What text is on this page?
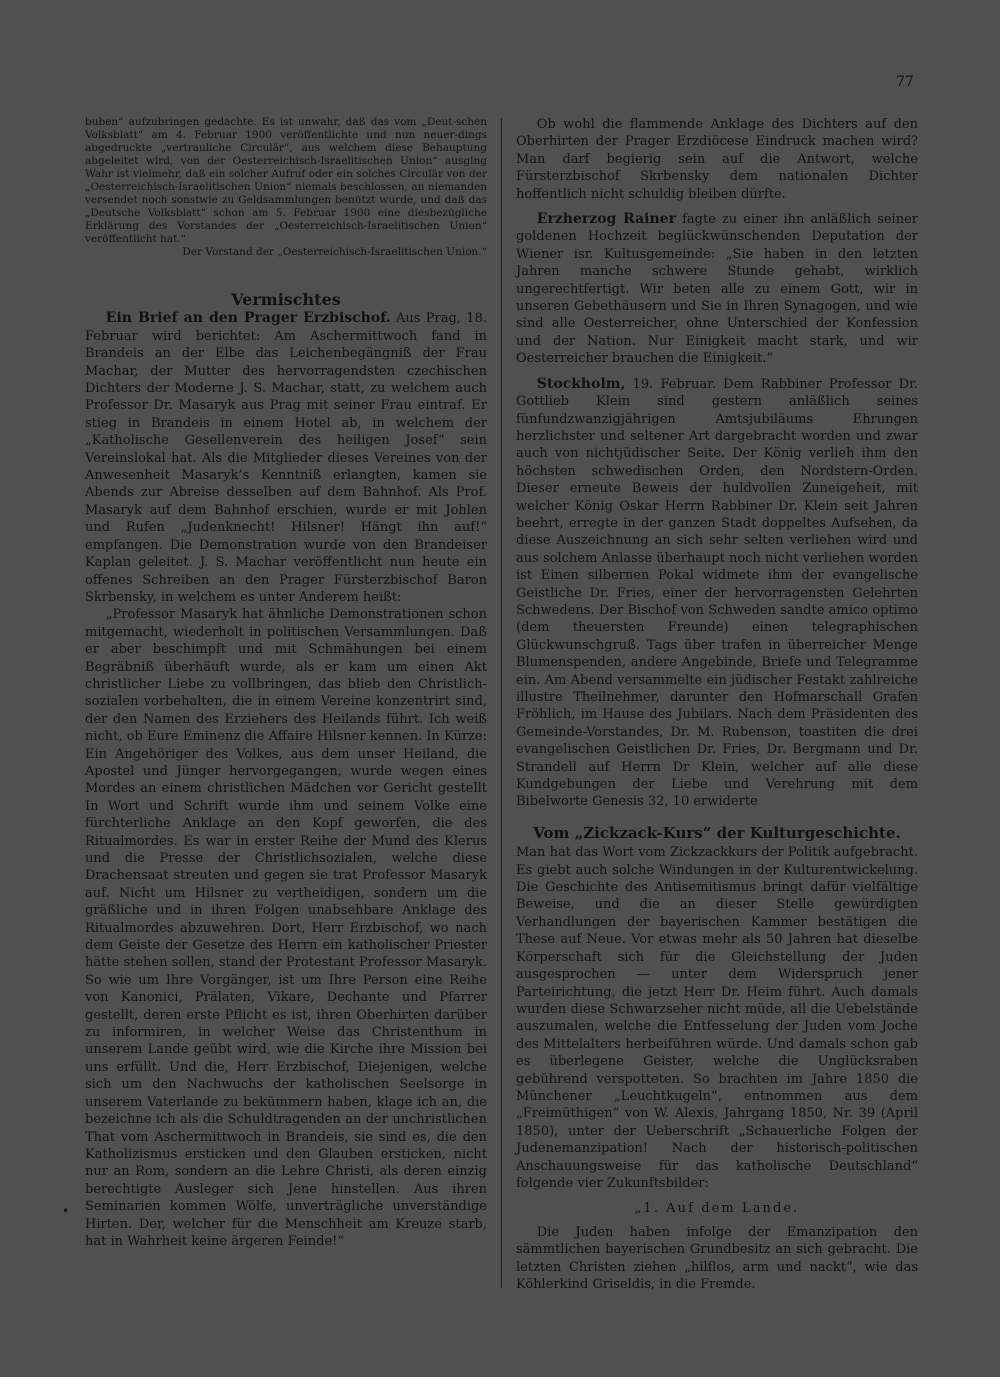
77

buben“ aufzubringen gedachte. Es ist unwahr, daß das vom „Deut-schen Volksblatt“ am 4. Februar 1900 veröffentlichte und nun neuer-dings abgedruckte „vertrauliche Circulär“, aus welchem diese Behauptung abgeleitet wird, von der Oesterreichisch-Israelitischen Union“ ausging Wahr ist vielmehr, daß ein solcher Aufruf oder ein solches Circulär von der „Oesterreichisch-Israelitischen Union“ niemals beschlossen, an niemanden versendet noch sonstwie zu Geldsammlungen benützt wurde, und daß das „Deutsche Volksblatt“ schon am 5. Februar 1900 eine diesbezügliche Erklärung des Vorstandes der „Oesterreichisch-Israelitischen Union“ veröffentlicht hat.“

Der Vorstand der „Oesterreichisch-Israelitischen Union.“

Vermischtes

Ein Brief an den Prager Erzbischof. Aus Prag, 18. Februar wird berichtet: Am Aschermittwoch fand in Brandeis an der Elbe das Leichenbegängniß der Frau Machar, der Mutter des hervorragendsten czechischen Dichters der Moderne J. S. Machar, statt, zu welchem auch Professor Dr. Masaryk aus Prag mit seiner Frau eintraf. Er stieg in Brandeis in einem Hotel ab, in welchem der „Katholische Gesellenverein des heiligen Josef“ sein Vereinslokal hat. Als die Mitglieder dieses Vereines von der Anwesenheit Masaryk’s Kenntniß erlangten, kamen sie Abends zur Abreise desselben auf dem Bahnhof. Als Prof. Masaryk auf dem Bahnhof erschien, wurde er mit Johlen und Rufen „Judenknecht! Hilsner! Hängt ihn auf!“ empfangen. Die Demonstration wurde von den Brandeiser Kaplan geleitet. J. S. Machar veröffentlicht nun heute ein offenes Schreiben an den Prager Fürsterzbischof Baron Skrbensky, in welchem es unter Anderem heißt:

„Professor Masaryk hat ähnliche Demonstrationen schon mitgemacht, wiederholt in politischen Versammlungen. Daß er aber beschimpft und mit Schmähungen bei einem Begräbniß überhäuft wurde, als er kam um einen Akt christlicher Liebe zu vollbringen, das blieb den Christlich-sozialen vorbehalten, die in einem Vereine konzentrirt sind, der den Namen des Erziehers des Heilands führt. Ich weiß nicht, ob Eure Eminenz die Affaire Hilsner kennen. In Kürze: Ein Angehöriger des Volkes, aus dem unser Heiland, die Apostel und Jünger hervorgegangen, wurde wegen eines Mordes an einem christlichen Mädchen vor Gericht gestellt In Wort und Schrift wurde ihm und seinem Volke eine fürchterliche Anklage an den Kopf geworfen, die des Ritualmordes. Es war in erster Reihe der Mund des Klerus und die Presse der Christlichsozialen, welche diese Drachensaat streuten und gegen sie trat Professor Masaryk auf. Nicht um Hilsner zu vertheidigen, sondern um die gräßliche und in ihren Folgen unabsehbare Anklage des Ritualmordes abzuwehren. Dort, Herr Erzbischof, wo nach dem Geiste der Gesetze des Herrn ein katholischer Priester hätte stehen sollen, stand der Protestant Professor Masaryk. So wie um Ihre Vorgänger, ist um Ihre Person eine Reihe von Kanonici, Prälaten, Vikare, Dechante und Pfarrer gestellt, deren erste Pflicht es ist, ihren Oberhirten darüber zu informiren, in welcher Weise das Christenthum in unserem Lande geübt wird, wie die Kirche ihre Mission bei uns erfüllt. Und die, Herr Erzbischof, Diejenigen, welche sich um den Nachwuchs der katholischen Seelsorge in unserem Vaterlande zu bekümmern haben, klage ich an, die bezeichne ich als die Schuldtragenden an der unchristlichen That vom Aschermittwoch in Brandeis, sie sind es, die den Katholizismus ersticken und den Glauben ersticken, nicht nur an Rom, sondern an die Lehre Christi, als deren einzig berechtigte Ausleger sich Jene hinstellen. Aus ihren Seminarien kommen Wölfe, unverträgliche unverständige Hirten. Der, welcher für die Menschheit am Kreuze starb, hat in Wahrheit keine ärgeren Feinde!“

Ob wohl die flammende Anklage des Dichters auf den Oberhirten der Prager Erzdiöcese Eindruck machen wird? Man darf begierig sein auf die Antwort, welche Fürsterzbischof Skrbensky dem nationalen Dichter hoffentlich nicht schuldig bleiben dürfte.

Erzherzog Rainer fagte zu einer ihn anläßlich seiner goldenen Hochzeit beglückwünschenden Deputation der Wiener isr. Kultusgemeinde: „Sie haben in den letzten Jahren manche schwere Stunde gehabt, wirklich ungerechtfertigt. Wir beten alle zu einem Gott, wir in unseren Gebethäusern und Sie in Ihren Synagogen, und wie sind alle Oesterreicher, ohne Unterschied der Konfession und der Nation. Nur Einigkeit macht stark, und wir Oesterreicher brauchen die Einigkeit.“

Stockholm, 19. Februar. Dem Rabbiner Professor Dr. Gottlieb Klein sind gestern anläßlich seines fünfundzwanzigjährigen Amtsjubiläums Ehrungen herzlichster und seltener Art dargebracht worden und zwar auch von nichtjüdischer Seite. Der König verlieh ihm den höchsten schwedischen Orden, den Nordstern-Orden. Dieser erneute Beweis der huldvollen Zuneigeheit, mit welcher König Oskar Herrn Rabbiner Dr. Klein seit Jahren beehrt, erregte in der ganzen Stadt doppeltes Aufsehen, da diese Auszeichnung an sich sehr selten verliehen wird und aus solchem Anlasse überhaupt noch nicht verliehen worden ist Einen silbernen Pokal widmete ihm der evangelische Geistliche Dr. Fries, einer der hervorragensten Gelehrten Schwedens. Der Bischof von Schweden sandte amico optimo (dem theuersten Freunde) einen telegraphischen Glückwunschgruß. Tags über trafen in überreicher Menge Blumenspenden, andere Angebinde, Briefe und Telegramme ein. Am Abend versammelte ein jüdischer Festakt zahlreiche illustre Theilnehmer, darunter den Hofmarschall Grafen Fröhlich, im Hause des Jubilars. Nach dem Präsidenten des Gemeinde-Vorstandes, Dr. M. Rubenson, toastiten die drei evangelischen Geistlichen Dr. Fries, Dr. Bergmann und Dr. Strandell auf Herrn Dr Klein, welcher auf alle diese Kundgebungen der Liebe und Verehrung mit dem Bibelworte Genesis 32, 10 erwiderte

Vom „Zickzack-Kurs“ der Kulturgeschichte.

Man hat das Wort vom Zickzackkurs der Politik aufgebracht. Es giebt auch solche Windungen in der Kulturentwickelung. Die Geschichte des Antisemitismus bringt dafür vielfältige Beweise, und die an dieser Stelle gewürdigten Verhandlungen der bayerischen Kammer bestätigen die These auf Neue. Vor etwas mehr als 50 Jahren hat dieselbe Körperschaft sich für die Gleichstellung der Juden ausgesprochen — unter dem Widerspruch jener Parteirichtung, die jetzt Herr Dr. Heim führt. Auch damals wurden diese Schwarzseher nicht müde, all die Uebelstände auszumalen, welche die Entfesselung der Juden vom Joche des Mittelalters herbeiführen würde. Und damals schon gab es überlegene Geister, welche die Unglücksraben gebührend verspotteten. So brachten im Jahre 1850 die Münchener „Leuchtkugeln“, entnommen aus dem „Freimüthigen“ von W. Alexis, Jahrgang 1850, Nr. 39 (April 1850), unter der Ueberschrift „Schauerliche Folgen der Judenemanzipation! Nach der historisch-politischen Anschauungsweise für das katholische Deutschland“ folgende vier Zukunftsbilder:

„1. Auf dem Lande.

Die Juden haben infolge der Emanzipation den sämmtlichen bayerischen Grundbesitz an sich gebracht. Die letzten Christen ziehen „hilflos, arm und nackt“, wie das Köhlerkind Griseldis, in die Fremde.

•
